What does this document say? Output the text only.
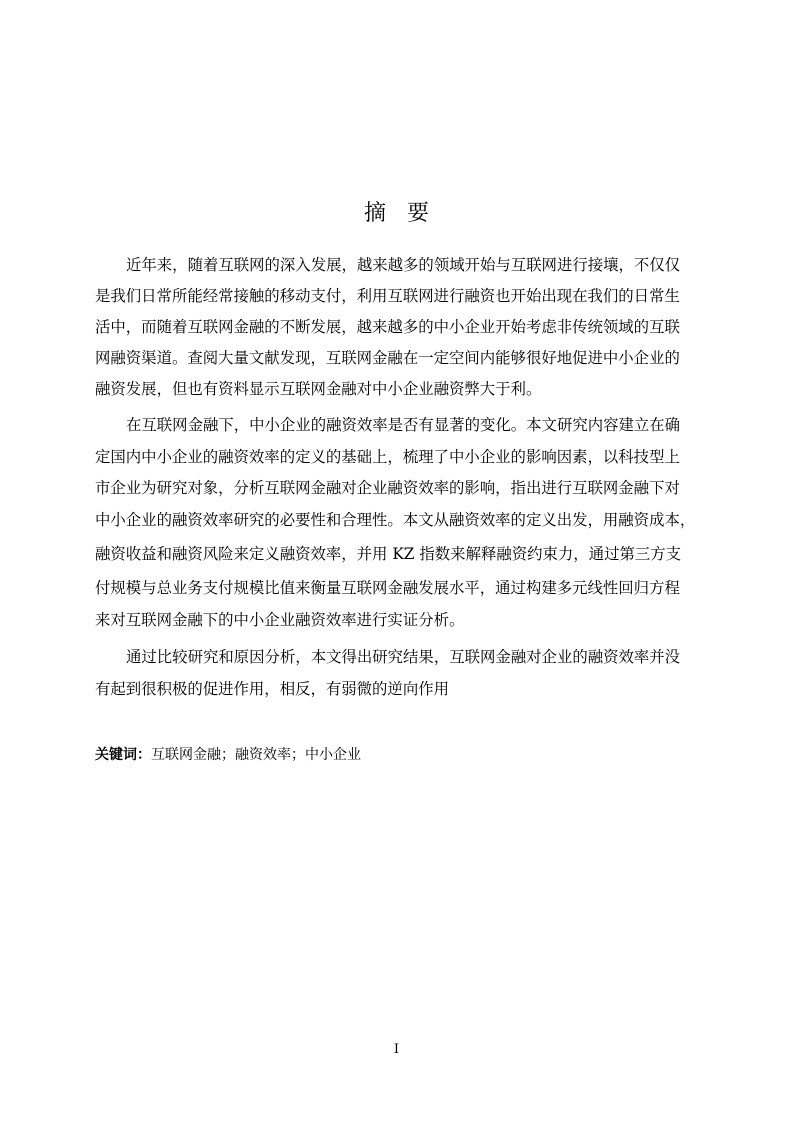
摘   要
近年来，随着互联网的深入发展，越来越多的领域开始与互联网进行接壤，不仅仅
是我们日常所能经常接触的移动支付，利用互联网进行融资也开始出现在我们的日常生
活中，而随着互联网金融的不断发展，越来越多的中小企业开始考虑非传统领域的互联
网融资渠道。查阅大量文献发现，互联网金融在一定空间内能够很好地促进中小企业的
融资发展，但也有资料显示互联网金融对中小企业融资弊大于利。
在互联网金融下，中小企业的融资效率是否有显著的变化。本文研究内容建立在确
定国内中小企业的融资效率的定义的基础上，梳理了中小企业的影响因素，以科技型上
市企业为研究对象，分析互联网金融对企业融资效率的影响，指出进行互联网金融下对
中小企业的融资效率研究的必要性和合理性。本文从融资效率的定义出发，用融资成本，
融资收益和融资风险来定义融资效率，并用 KZ 指数来解释融资约束力，通过第三方支
付规模与总业务支付规模比值来衡量互联网金融发展水平，通过构建多元线性回归方程
来对互联网金融下的中小企业融资效率进行实证分析。
通过比较研究和原因分析，本文得出研究结果，互联网金融对企业的融资效率并没
有起到很积极的促进作用，相反，有弱微的逆向作用
关键词：互联网金融；融资效率；中小企业
I
